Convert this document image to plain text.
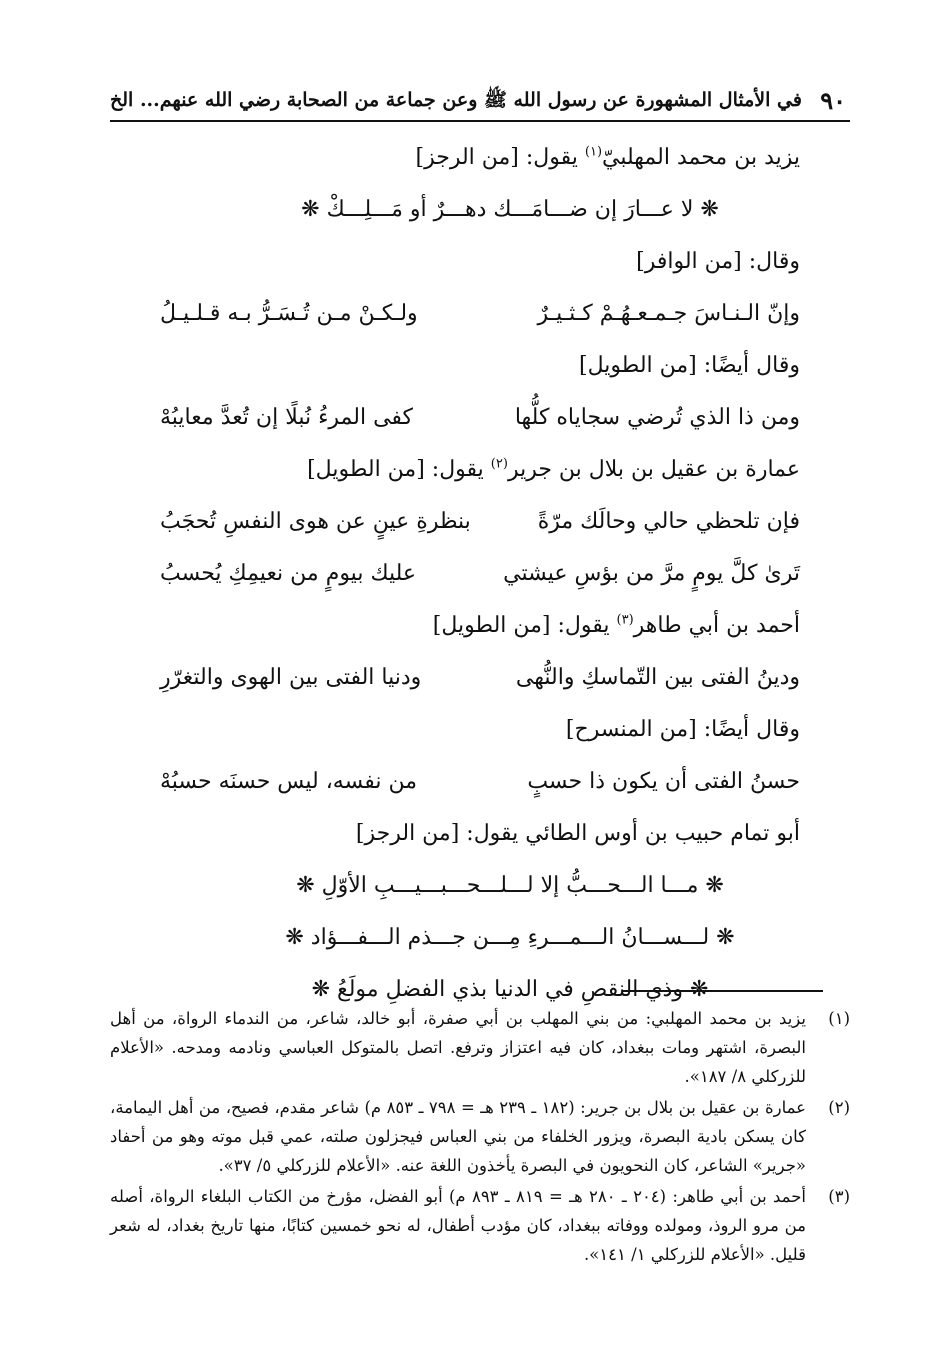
٩٠
في الأمثال المشهورة عن رسول الله ﷺ وعن جماعة من الصحابة رضي الله عنهم... الخ
يزيد بن محمد المهلبيّ$^{(١)}$ يقول: [من الرجز]
❋ لا عـــارَ إن ضـــامَـــك دهـــرٌ أو مَـــلِـــكْ ❋
وقال: [من الوافر]
وإنّ الـنـاسَ جـمـعـهُـمْ كـثـيـرٌ
ولـكـنْ مـن تُـسَـرُّ بـه قـلـيـلُ
وقال أيضًا: [من الطويل]
ومن ذا الذي تُرضي سجاياه كلُّها
كفى المرءُ نُبلًا إن تُعدَّ معايبُهْ
عمارة بن عقيل بن بلال بن جرير$^{(٢)}$ يقول: [من الطويل]
فإن تلحظي حالي وحالَك مرّةً
بنظرةِ عينٍ عن هوى النفسِ تُحجَبُ
تَرىٰ كلَّ يومٍ مرَّ من بؤسِ عيشتي
عليك بيومٍ من نعيمِكِ يُحسبُ
أحمد بن أبي طاهر$^{(٣)}$ يقول: [من الطويل]
ودينُ الفتى بين التّماسكِ والنُّهى
ودنيا الفتى بين الهوى والتغرّرِ
وقال أيضًا: [من المنسرح]
حسنُ الفتى أن يكون ذا حسبٍ
من نفسه، ليس حسنَه حسبُهْ
أبو تمام حبيب بن أوس الطائي يقول: [من الرجز]
❋ مـــا الـــحـــبُّ إلا لـــلـــحـــبـــيـــبِ الأوّلِ ❋
❋ لـــســـانُ الـــمـــرءِ مِـــن جـــذم الـــفـــؤاد ❋
❋ وذي النقصِ في الدنيا بذي الفضلِ مولَعُ ❋
(١)
يزيد بن محمد المهلبي: من بني المهلب بن أبي صفرة، أبو خالد، شاعر، من الندماء الرواة، من أهل البصرة، اشتهر ومات ببغداد، كان فيه اعتزاز وترفع. اتصل بالمتوكل العباسي ونادمه ومدحه. «الأعلام للزركلي ٨/ ١٨٧».
(٢)
عمارة بن عقيل بن بلال بن جرير: (١٨٢ ـ ٢٣٩ هـ = ٧٩٨ ـ ٨٥٣ م) شاعر مقدم، فصيح، من أهل اليمامة، كان يسكن بادية البصرة، ويزور الخلفاء من بني العباس فيجزلون صلته، عمي قبل موته وهو من أحفاد «جرير» الشاعر، كان النحويون في البصرة يأخذون اللغة عنه. «الأعلام للزركلي ٥/ ٣٧».
(٣)
أحمد بن أبي طاهر: (٢٠٤ ـ ٢٨٠ هـ = ٨١٩ ـ ٨٩٣ م) أبو الفضل، مؤرخ من الكتاب البلغاء الرواة، أصله من مرو الروذ، ومولده ووفاته ببغداد، كان مؤدب أطفال، له نحو خمسين كتابًا، منها تاريخ بغداد، له شعر قليل. «الأعلام للزركلي ١/ ١٤١».
